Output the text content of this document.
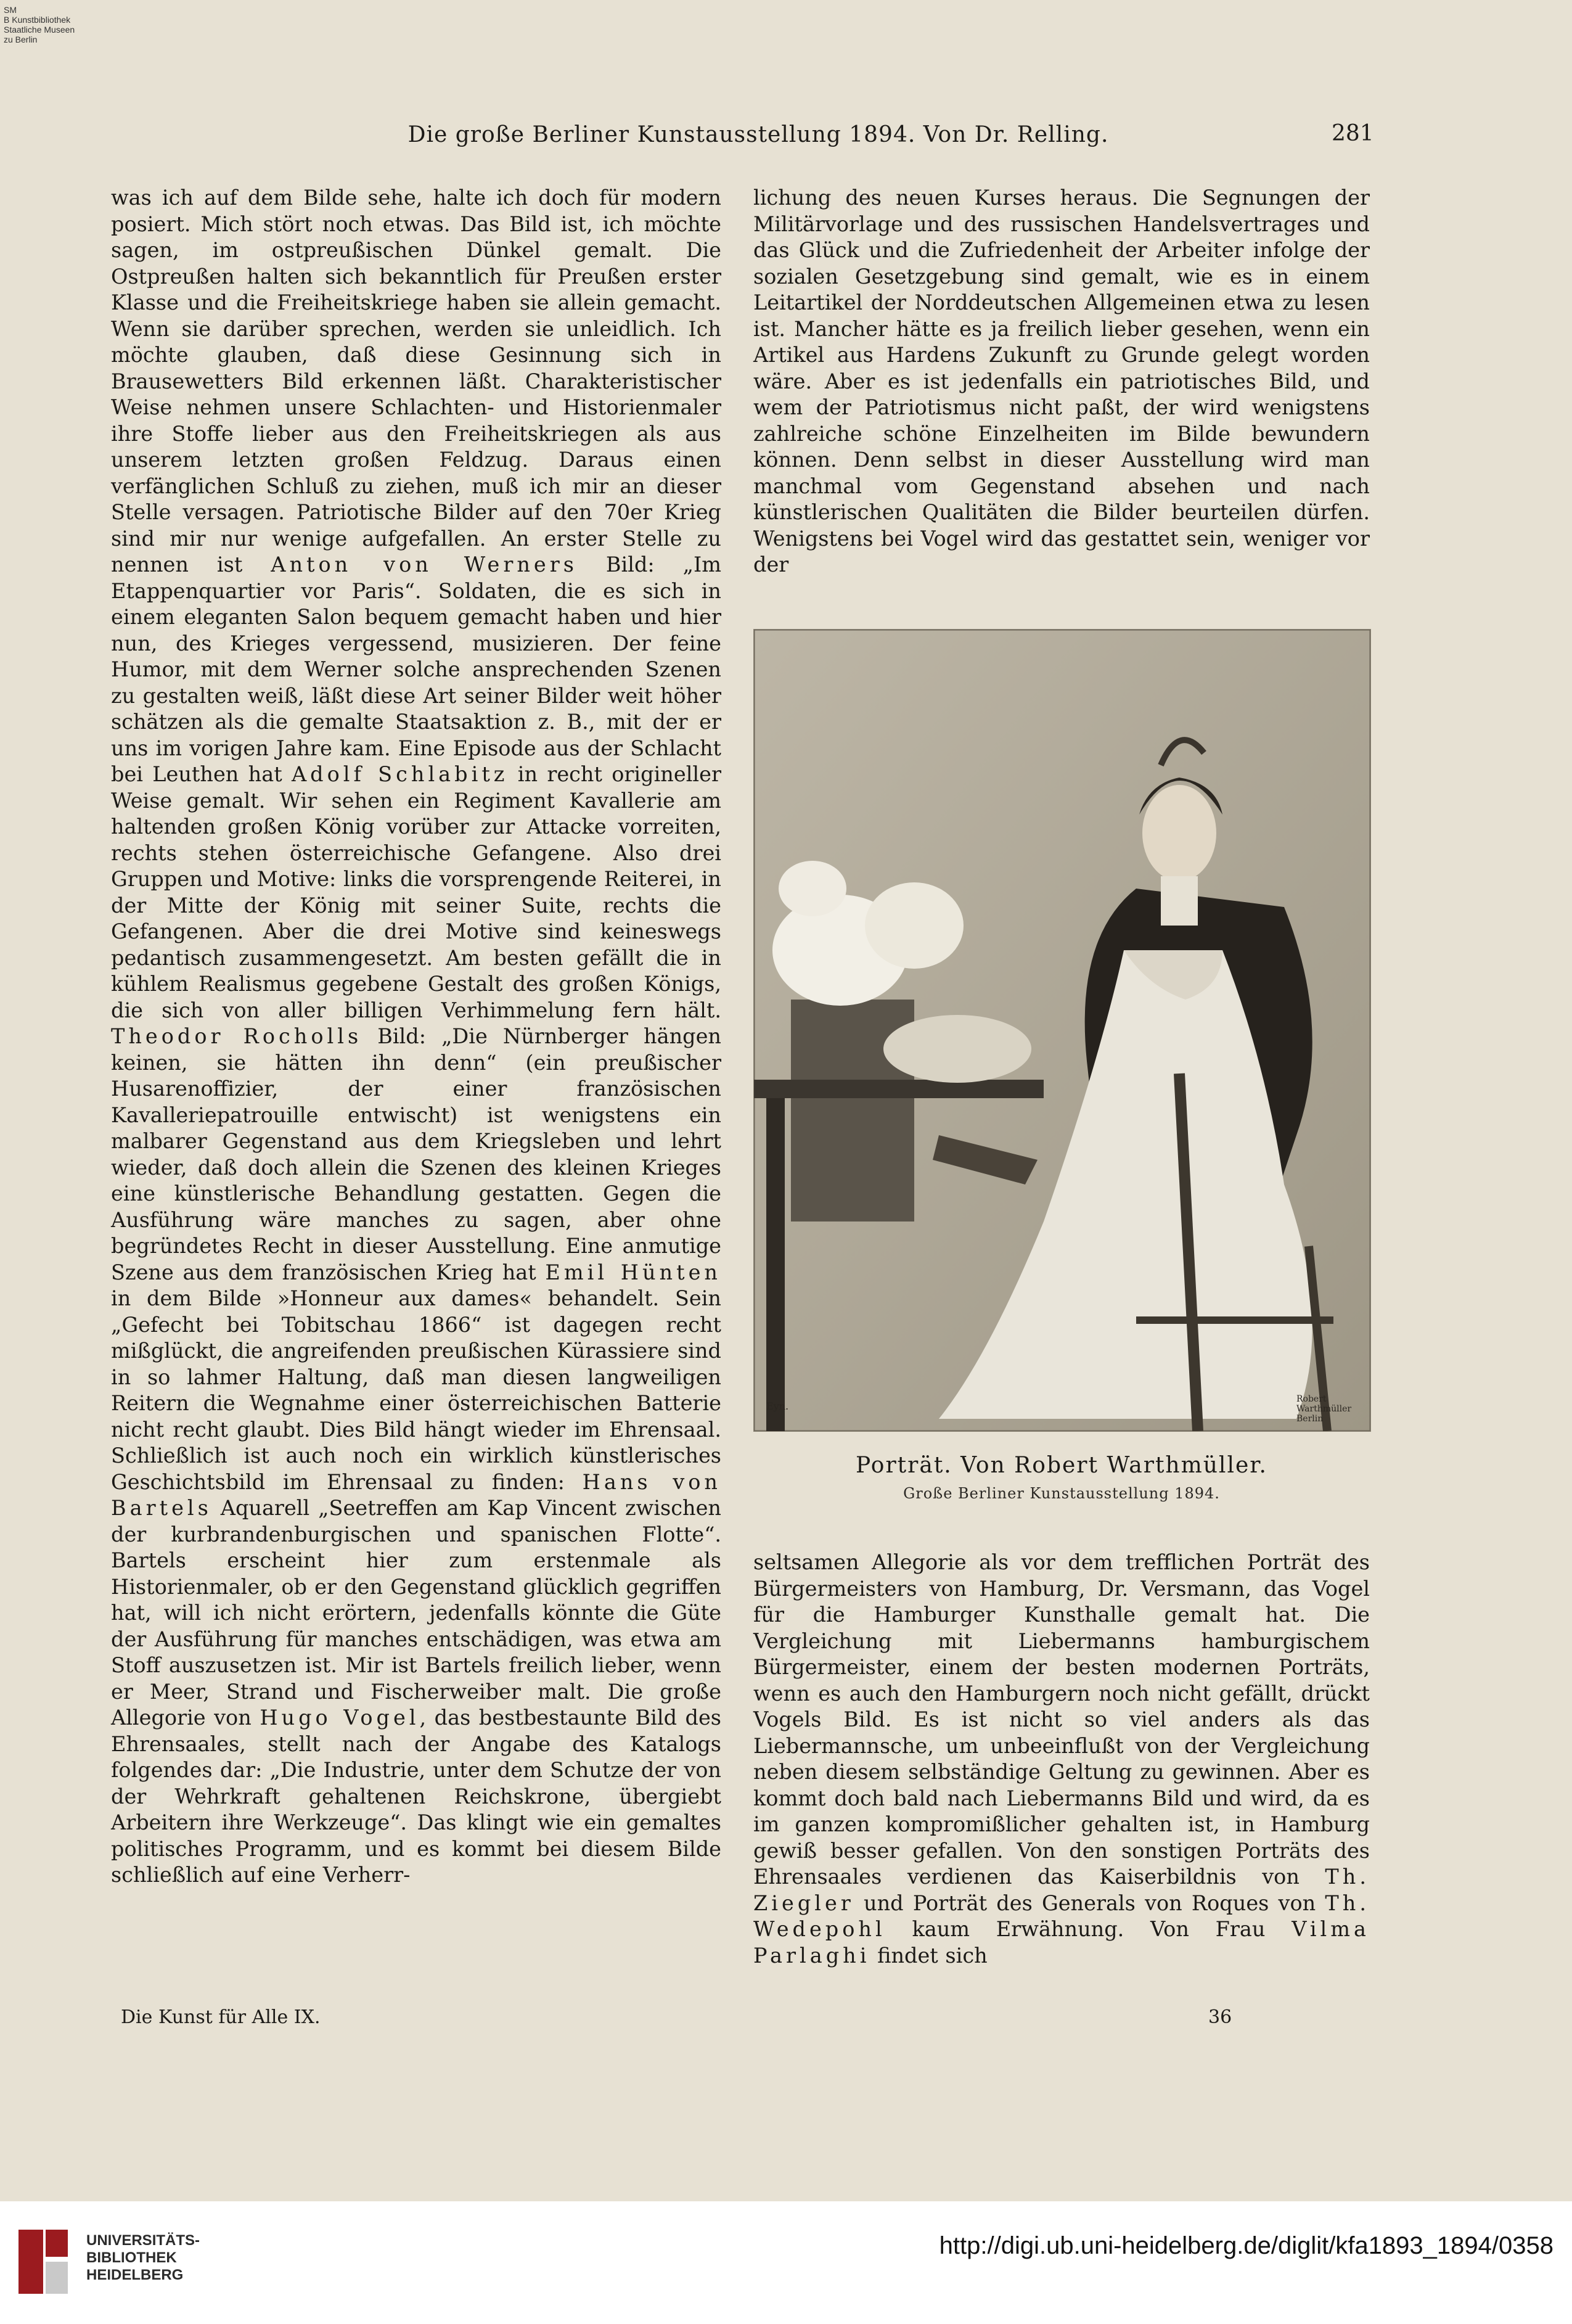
SM
B Kunstbibliothek
Staatliche Museen
zu Berlin
Die große Berliner Kunstausstellung 1894. Von Dr. Relling.	281

was ich auf dem Bilde sehe, halte ich doch für modern posiert. Mich stört noch etwas. Das Bild ist, ich möchte sagen, im ostpreußischen Dünkel gemalt. Die Ostpreußen halten sich bekanntlich für Preußen erster Klasse und die Freiheitskriege haben sie allein gemacht. Wenn sie darüber sprechen, werden sie unleidlich. Ich möchte glauben, daß diese Gesinnung sich in Brausewetters Bild erkennen läßt. Charakteristischer Weise nehmen unsere Schlachten- und Historienmaler ihre Stoffe lieber aus den Freiheitskriegen als aus unserem letzten großen Feldzug. Daraus einen verfänglichen Schluß zu ziehen, muß ich mir an dieser Stelle versagen. Patriotische Bilder auf den 70er Krieg sind mir nur wenige aufgefallen. An erster Stelle zu nennen ist Anton von Werners Bild: „Im Etappenquartier vor Paris“. Soldaten, die es sich in einem eleganten Salon bequem gemacht haben und hier nun, des Krieges vergessend, musizieren. Der feine Humor, mit dem Werner solche ansprechenden Szenen zu gestalten weiß, läßt diese Art seiner Bilder weit höher schätzen als die gemalte Staatsaktion z. B., mit der er uns im vorigen Jahre kam. Eine Episode aus der Schlacht bei Leuthen hat Adolf Schlabitz in recht origineller Weise gemalt. Wir sehen ein Regiment Kavallerie am haltenden großen König vorüber zur Attacke vorreiten, rechts stehen österreichische Gefangene. Also drei Gruppen und Motive: links die vorsprengende Reiterei, in der Mitte der König mit seiner Suite, rechts die Gefangenen. Aber die drei Motive sind keineswegs pedantisch zusammengesetzt. Am besten gefällt die in kühlem Realismus gegebene Gestalt des großen Königs, die sich von aller billigen Verhimmelung fern hält. Theodor Rocholls Bild: „Die Nürnberger hängen keinen, sie hätten ihn denn“ (ein preußischer Husarenoffizier, der einer französischen Kavalleriepatrouille entwischt) ist wenigstens ein malbarer Gegenstand aus dem Kriegsleben und lehrt wieder, daß doch allein die Szenen des kleinen Krieges eine künstlerische Behandlung gestatten. Gegen die Ausführung wäre manches zu sagen, aber ohne begründetes Recht in dieser Ausstellung. Eine anmutige Szene aus dem französischen Krieg hat Emil Hünten in dem Bilde »Honneur aux dames« behandelt. Sein „Gefecht bei Tobitschau 1866“ ist dagegen recht mißglückt, die angreifenden preußischen Kürassiere sind in so lahmer Haltung, daß man diesen langweiligen Reitern die Wegnahme einer österreichischen Batterie nicht recht glaubt. Dies Bild hängt wieder im Ehrensaal. Schließlich ist auch noch ein wirklich künstlerisches Geschichtsbild im Ehrensaal zu finden: Hans von Bartels Aquarell „Seetreffen am Kap Vincent zwischen der kurbrandenburgischen und spanischen Flotte“. Bartels erscheint hier zum erstenmale als Historienmaler, ob er den Gegenstand glücklich gegriffen hat, will ich nicht erörtern, jedenfalls könnte die Güte der Ausführung für manches entschädigen, was etwa am Stoff auszusetzen ist. Mir ist Bartels freilich lieber, wenn er Meer, Strand und Fischerweiber malt. Die große Allegorie von Hugo Vogel, das bestbestaunte Bild des Ehrensaales, stellt nach der Angabe des Katalogs folgendes dar: „Die Industrie, unter dem Schutze der von der Wehrkraft gehaltenen Reichskrone, übergiebt Arbeitern ihre Werkzeuge“. Das klingt wie ein gemaltes politisches Programm, und es kommt bei diesem Bilde schließlich auf eine Verherr-

lichung des neuen Kurses heraus. Die Segnungen der Militärvorlage und des russischen Handelsvertrages und das Glück und die Zufriedenheit der Arbeiter infolge der sozialen Gesetzgebung sind gemalt, wie es in einem Leitartikel der Norddeutschen Allgemeinen etwa zu lesen ist. Mancher hätte es ja freilich lieber gesehen, wenn ein Artikel aus Hardens Zukunft zu Grunde gelegt worden wäre. Aber es ist jedenfalls ein patriotisches Bild, und wem der Patriotismus nicht paßt, der wird wenigstens zahlreiche schöne Einzelheiten im Bilde bewundern können. Denn selbst in dieser Ausstellung wird man manchmal vom Gegenstand absehen und nach künstlerischen Qualitäten die Bilder beurteilen dürfen. Wenigstens bei Vogel wird das gestattet sein, weniger vor der

Eyn.
Robert Warthmüller Berlin
Porträt. Von Robert Warthmüller.
Große Berliner Kunstausstellung 1894.

seltsamen Allegorie als vor dem trefflichen Porträt des Bürgermeisters von Hamburg, Dr. Versmann, das Vogel für die Hamburger Kunsthalle gemalt hat. Die Vergleichung mit Liebermanns hamburgischem Bürgermeister, einem der besten modernen Porträts, wenn es auch den Hamburgern noch nicht gefällt, drückt Vogels Bild. Es ist nicht so viel anders als das Liebermannsche, um unbeeinflußt von der Vergleichung neben diesem selbständige Geltung zu gewinnen. Aber es kommt doch bald nach Liebermanns Bild und wird, da es im ganzen kompromißlicher gehalten ist, in Hamburg gewiß besser gefallen. Von den sonstigen Porträts des Ehrensaales verdienen das Kaiserbildnis von Th. Ziegler und Porträt des Generals von Roques von Th. Wedepohl kaum Erwähnung. Von Frau Vilma Parlaghi findet sich

Die Kunst für Alle IX.	36
UNIVERSITÄTS-
BIBLIOTHEK
HEIDELBERG
http://digi.ub.uni-heidelberg.de/diglit/kfa1893_1894/0358
